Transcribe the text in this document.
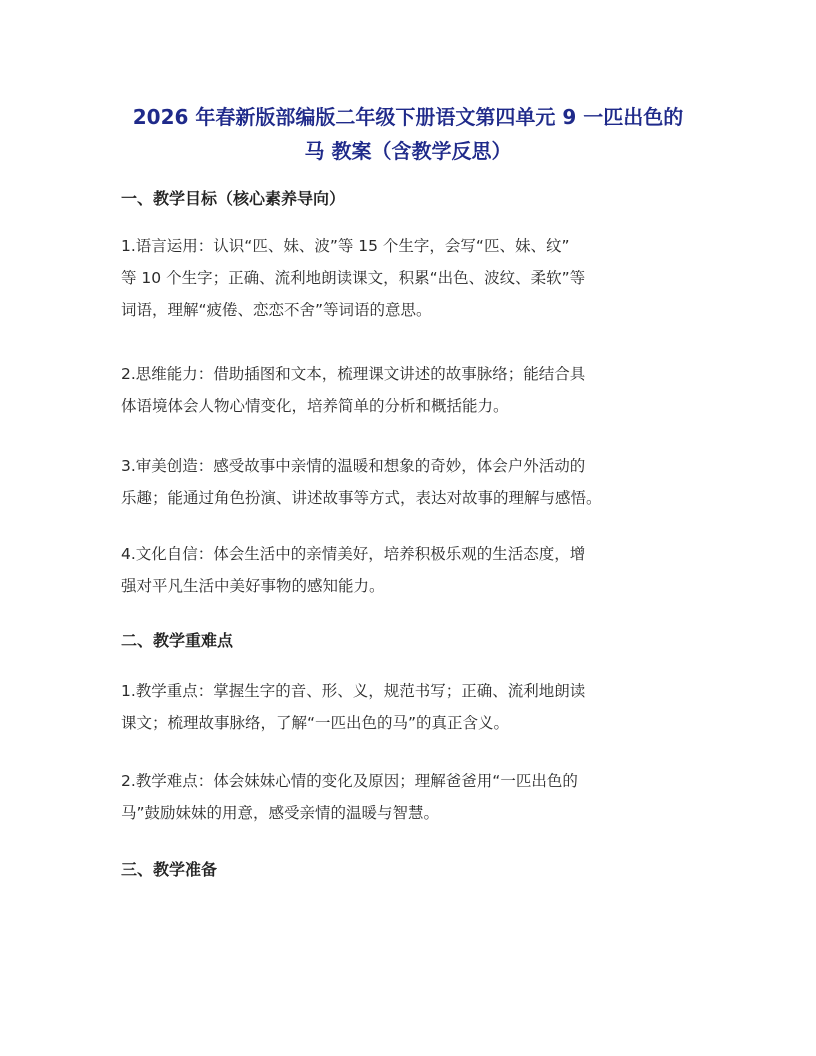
2026 年春新版部编版二年级下册语文第四单元 9 一匹出色的
马 教案（含教学反思）
一、教学目标（核心素养导向）

1.语言运用：认识“匹、妹、波”等 15 个生字，会写“匹、妹、纹”
等 10 个生字；正确、流利地朗读课文，积累“出色、波纹、柔软”等
词语，理解“疲倦、恋恋不舍”等词语的意思。

2.思维能力：借助插图和文本，梳理课文讲述的故事脉络；能结合具
体语境体会人物心情变化，培养简单的分析和概括能力。

3.审美创造：感受故事中亲情的温暖和想象的奇妙，体会户外活动的
乐趣；能通过角色扮演、讲述故事等方式，表达对故事的理解与感悟。

4.文化自信：体会生活中的亲情美好，培养积极乐观的生活态度，增
强对平凡生活中美好事物的感知能力。

二、教学重难点

1.教学重点：掌握生字的音、形、义，规范书写；正确、流利地朗读
课文；梳理故事脉络，了解“一匹出色的马”的真正含义。

2.教学难点：体会妹妹心情的变化及原因；理解爸爸用“一匹出色的
马”鼓励妹妹的用意，感受亲情的温暖与智慧。

三、教学准备
